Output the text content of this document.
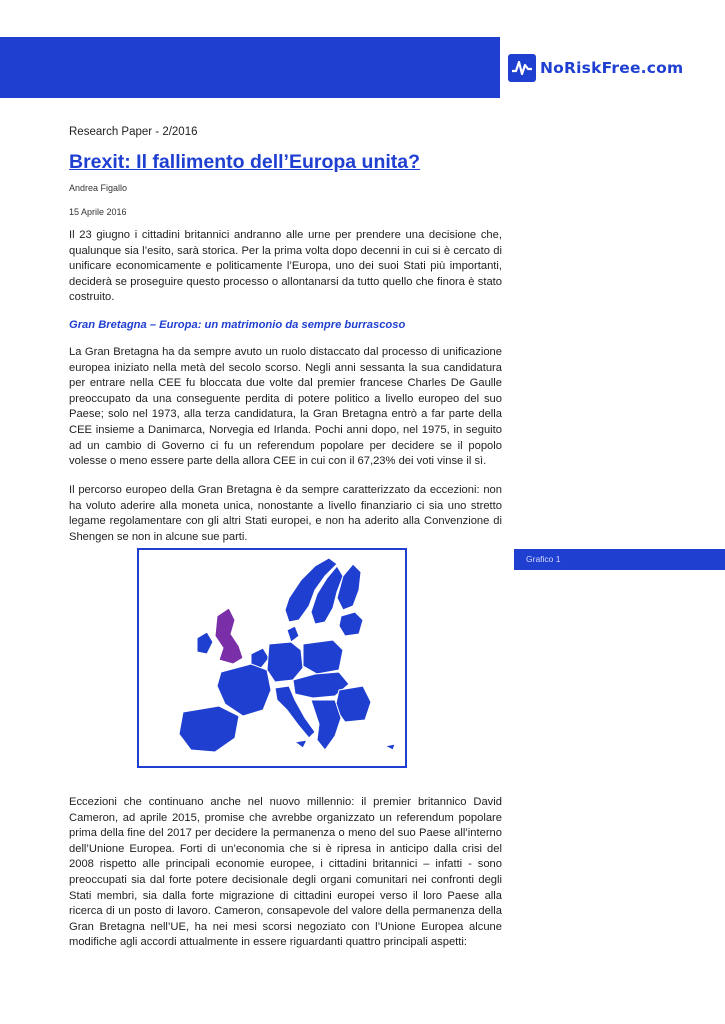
NoRiskFree.com
Research Paper - 2/2016
Brexit: Il fallimento dell’Europa unita?
Andrea Figallo
15 Aprile 2016
Il 23 giugno i cittadini britannici andranno alle urne per prendere una decisione che, qualunque sia l’esito, sarà storica. Per la prima volta dopo decenni in cui si è cercato di unificare economicamente e politicamente l’Europa, uno dei suoi Stati più importanti, deciderà se proseguire questo processo o allontanarsi da tutto quello che finora è stato costruito.
Gran Bretagna – Europa: un matrimonio da sempre burrascoso
La Gran Bretagna ha da sempre avuto un ruolo distaccato dal processo di unificazione europea iniziato nella metà del secolo scorso. Negli anni sessanta la sua candidatura per entrare nella CEE fu bloccata due volte dal premier francese Charles De Gaulle preoccupato da una conseguente perdita di potere politico a livello europeo del suo Paese; solo nel 1973, alla terza candidatura, la Gran Bretagna entrò a far parte della CEE insieme a Danimarca, Norvegia ed Irlanda. Pochi anni dopo, nel 1975, in seguito ad un cambio di Governo ci fu un referendum popolare per decidere se il popolo volesse o meno essere parte della allora CEE in cui con il 67,23% dei voti vinse il sì.
Il percorso europeo della Gran Bretagna è da sempre caratterizzato da eccezioni: non ha voluto aderire alla moneta unica, nonostante a livello finanziario ci sia uno stretto legame regolamentare con gli altri Stati europei, e non ha aderito alla Convenzione di Shengen se non in alcune sue parti.
Grafico 1
Eccezioni che continuano anche nel nuovo millennio: il premier britannico David Cameron, ad aprile 2015, promise che avrebbe organizzato un referendum popolare prima della fine del 2017 per decidere la permanenza o meno del suo Paese all’interno dell’Unione Europea. Forti di un’economia che si è ripresa in anticipo dalla crisi del 2008 rispetto alle principali economie europee, i cittadini britannici – infatti - sono preoccupati sia dal forte potere decisionale degli organi comunitari nei confronti degli Stati membri, sia dalla forte migrazione di cittadini europei verso il loro Paese alla ricerca di un posto di lavoro. Cameron, consapevole del valore della permanenza della Gran Bretagna nell’UE, ha nei mesi scorsi negoziato con l’Unione Europea alcune modifiche agli accordi attualmente in essere riguardanti quattro principali aspetti:
